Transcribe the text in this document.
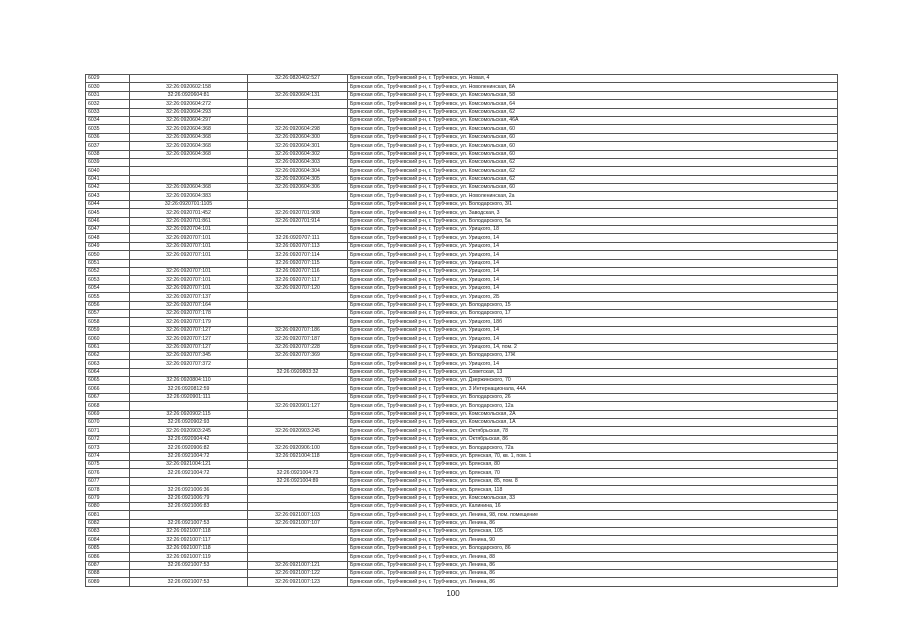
6029		32:26:0820402:527	Брянская обл., Трубчевский р-н, г. Трубчевск, ул. Новая, 4
6030	32:26:0920602:158		Брянская обл., Трубчевский р-н, г. Трубчевск, ул. Новоленинская, 8А
6031	32:26:0920604:81	32:26:0920604:131	Брянская обл., Трубчевский р-н, г. Трубчевск, ул. Комсомольская, 58
6032	32:26:0920604:272		Брянская обл., Трубчевский р-н, г. Трубчевск, ул. Комсомольская, 64
6033	32:26:0920604:293		Брянская обл., Трубчевский р-н, г. Трубчевск, ул. Комсомольская, 62
6034	32:26:0920604:297		Брянская обл., Трубчевский р-н, г. Трубчевск, ул. Комсомольская, 46А
6035	32:26:0920604:368	32:26:0920604:298	Брянская обл., Трубчевский р-н, г. Трубчевск, ул. Комсомольская, 60
6036	32:26:0920604:368	32:26:0920604:300	Брянская обл., Трубчевский р-н, г. Трубчевск, ул. Комсомольская, 60
6037	32:26:0920604:368	32:26:0920604:301	Брянская обл., Трубчевский р-н, г. Трубчевск, ул. Комсомольская, 60
6038	32:26:0920604:368	32:26:0920604:302	Брянская обл., Трубчевский р-н, г. Трубчевск, ул. Комсомольская, 60
6039		32:26:0920604:303	Брянская обл., Трубчевский р-н, г. Трубчевск, ул. Комсомольская, 62
6040		32:26:0920604:304	Брянская обл., Трубчевский р-н, г. Трубчевск, ул. Комсомольская, 62
6041		32:26:0920604:305	Брянская обл., Трубчевский р-н, г. Трубчевск, ул. Комсомольская, 62
6042	32:26:0920604:368	32:26:0920604:306	Брянская обл., Трубчевский р-н, г. Трубчевск, ул. Комсомольская, 60
6043	32:26:0920604:383		Брянская обл., Трубчевский р-н, г. Трубчевск, ул. Новоленинская, 2а
6044	32:26:0920701:1105		Брянская обл., Трубчевский р-н, г. Трубчевск, ул. Володарского, 3/1
6045	32:26:0920701:452	32:26:0920701:908	Брянская обл., Трубчевский р-н, г. Трубчевск, ул. Заводская, 3
6046	32:26:0920701:861	32:26:0920701:914	Брянская обл., Трубчевский р-н, г. Трубчевск, ул. Володарского, 5а
6047	32:26:0920704:101		Брянская обл., Трубчевский р-н, г. Трубчевск, ул. Урицкого, 18
6048	32:26:0920707:101	32:26:0920707:111	Брянская обл., Трубчевский р-н, г. Трубчевск, ул. Урицкого, 14
6049	32:26:0920707:101	32:26:0920707:113	Брянская обл., Трубчевский р-н, г. Трубчевск, ул. Урицкого, 14
6050	32:26:0920707:101	32:26:0920707:114	Брянская обл., Трубчевский р-н, г. Трубчевск, ул. Урицкого, 14
6051		32:26:0920707:115	Брянская обл., Трубчевский р-н, г. Трубчевск, ул. Урицкого, 14
6052	32:26:0920707:101	32:26:0920707:116	Брянская обл., Трубчевский р-н, г. Трубчевск, ул. Урицкого, 14
6053	32:26:0920707:101	32:26:0920707:117	Брянская обл., Трубчевский р-н, г. Трубчевск, ул. Урицкого, 14
6054	32:26:0920707:101	32:26:0920707:120	Брянская обл., Трубчевский р-н, г. Трубчевск, ул. Урицкого, 14
6055	32:26:0920707:137		Брянская обл., Трубчевский р-н, г. Трубчевск, ул. Урицкого, 2Б
6056	32:26:0920707:164		Брянская обл., Трубчевский р-н, г. Трубчевск, ул. Володарского, 15
6057	32:26:0920707:178		Брянская обл., Трубчевский р-н, г. Трубчевск, ул. Володарского, 17
6058	32:26:0920707:179		Брянская обл., Трубчевский р-н, г. Трубчевск, ул. Урицкого, 18б
6059	32:26:0920707:127	32:26:0920707:186	Брянская обл., Трубчевский р-н, г. Трубчевск, ул. Урицкого, 14
6060	32:26:0920707:127	32:26:0920707:187	Брянская обл., Трубчевский р-н, г. Трубчевск, ул. Урицкого, 14
6061	32:26:0920707:127	32:26:0920707:228	Брянская обл., Трубчевский р-н, г. Трубчевск, ул. Урицкого, 14, пом. 2
6062	32:26:0920707:345	32:26:0920707:369	Брянская обл., Трубчевский р-н, г. Трубчевск, ул. Володарского, 17Ж
6063	32:26:0920707:372		Брянская обл., Трубчевский р-н, г. Трубчевск, ул. Урицкого, 14
6064		32:26:0920803:32	Брянская обл., Трубчевский р-н, г. Трубчевск, ул. Советская, 13
6065	32:26:0920804:110		Брянская обл., Трубчевский р-н, г. Трубчевск, ул. Дзержинского, 70
6066	32:26:0920812:59		Брянская обл., Трубчевский р-н, г. Трубчевск, ул. 3 Интернационала, 44А
6067	32:26:0920901:111		Брянская обл., Трубчевский р-н, г. Трубчевск, ул. Володарского, 26
6068		32:26:0920901:127	Брянская обл., Трубчевский р-н, г. Трубчевск, ул. Володарского, 12а
6069	32:26:0920902:115		Брянская обл., Трубчевский р-н, г. Трубчевск, ул. Комсомольская, 2А
6070	32:26:0920902:93		Брянская обл., Трубчевский р-н, г. Трубчевск, ул. Комсомольская, 1А
6071	32:26:0920903:245	32:26:0920903:245	Брянская обл., Трубчевский р-н, г. Трубчевск, ул. Октябрьская, 78
6072	32:26:0920904:42		Брянская обл., Трубчевский р-н, г. Трубчевск, ул. Октябрьская, 86
6073	32:26:0920906:82	32:26:0920906:100	Брянская обл., Трубчевский р-н, г. Трубчевск, ул. Володарского, 72а
6074	32:26:0921004:72	32:26:0921004:118	Брянская обл., Трубчевский р-н, г. Трубчевск, ул. Брянская, 70, кв. 1, пом. 1
6075	32:26:0921004:121		Брянская обл., Трубчевский р-н, г. Трубчевск, ул. Брянская, 80
6076	32:26:0921004:72	32:26:0921004:73	Брянская обл., Трубчевский р-н, г. Трубчевск, ул. Брянская, 70
6077		32:26:0921004:89	Брянская обл., Трубчевский р-н, г. Трубчевск, ул. Брянская, 85, пом. 8
6078	32:26:0921006:36		Брянская обл., Трубчевский р-н, г. Трубчевск, ул. Брянская, 118
6079	32:26:0921006:79		Брянская обл., Трубчевский р-н, г. Трубчевск, ул. Комсомольская, 33
6080	32:26:0921006:83		Брянская обл., Трубчевский р-н, г. Трубчевск, ул. Калинина, 16
6081		32:26:0921007:103	Брянская обл., Трубчевский р-н, г. Трубчевск, ул. Ленина, 98, пом. помещение
6082	32:26:0921007:53	32:26:0921007:107	Брянская обл., Трубчевский р-н, г. Трубчевск, ул. Ленина, 86
6083	32:26:0921007:118		Брянская обл., Трубчевский р-н, г. Трубчевск, ул. Брянская, 105
6084	32:26:0921007:117		Брянская обл., Трубчевский р-н, г. Трубчевск, ул. Ленина, 90
6085	32:26:0921007:118		Брянская обл., Трубчевский р-н, г. Трубчевск, ул. Володарского, 86
6086	32:26:0921007:119		Брянская обл., Трубчевский р-н, г. Трубчевск, ул. Ленина, 88
6087	32:26:0921007:53	32:26:0921007:121	Брянская обл., Трубчевский р-н, г. Трубчевск, ул. Ленина, 86
6088		32:26:0921007:122	Брянская обл., Трубчевский р-н, г. Трубчевск, ул. Ленина, 86
6089	32:26:0921007:53	32:26:0921007:123	Брянская обл., Трубчевский р-н, г. Трубчевск, ул. Ленина, 86
100
